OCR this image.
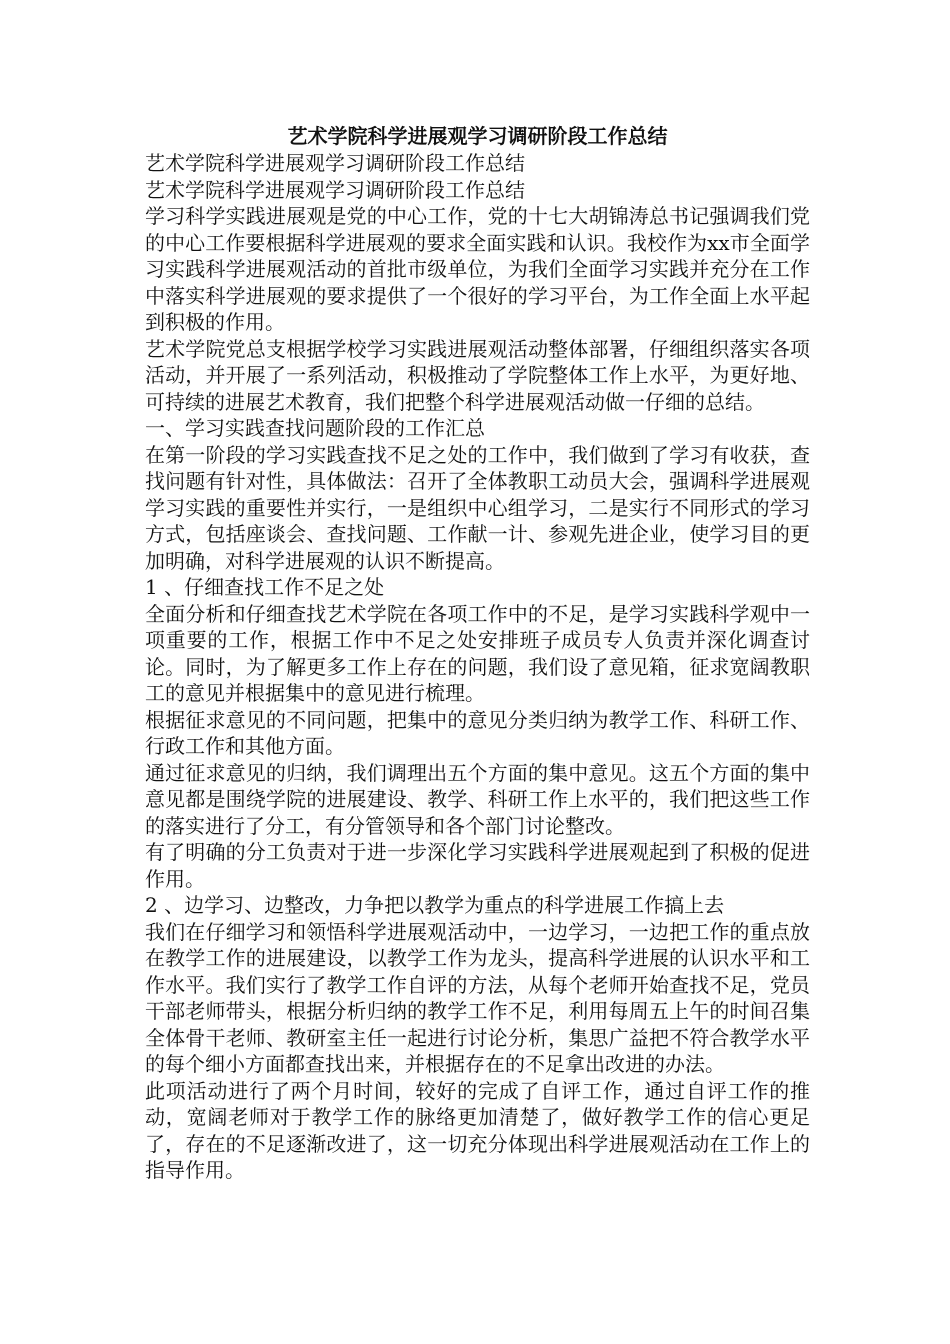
艺术学院科学进展观学习调研阶段工作总结

艺术学院科学进展观学习调研阶段工作总结

艺术学院科学进展观学习调研阶段工作总结

学习科学实践进展观是党的中心工作，党的十七大胡锦涛总书记强调我们党的中心工作要根据科学进展观的要求全面实践和认识。我校作为xx市全面学习实践科学进展观活动的首批市级单位，为我们全面学习实践并充分在工作中落实科学进展观的要求提供了一个很好的学习平台，为工作全面上水平起到积极的作用。

艺术学院党总支根据学校学习实践进展观活动整体部署，仔细组织落实各项活动，并开展了一系列活动，积极推动了学院整体工作上水平，为更好地、可持续的进展艺术教育，我们把整个科学进展观活动做一仔细的总结。

一、学习实践查找问题阶段的工作汇总

在第一阶段的学习实践查找不足之处的工作中，我们做到了学习有收获，查找问题有针对性，具体做法：召开了全体教职工动员大会，强调科学进展观学习实践的重要性并实行，一是组织中心组学习，二是实行不同形式的学习方式，包括座谈会、查找问题、工作献一计、参观先进企业，使学习目的更加明确，对科学进展观的认识不断提高。

1 、仔细查找工作不足之处

全面分析和仔细查找艺术学院在各项工作中的不足，是学习实践科学观中一项重要的工作，根据工作中不足之处安排班子成员专人负责并深化调查讨论。同时，为了解更多工作上存在的问题，我们设了意见箱，征求宽阔教职工的意见并根据集中的意见进行梳理。

根据征求意见的不同问题，把集中的意见分类归纳为教学工作、科研工作、行政工作和其他方面。

通过征求意见的归纳，我们调理出五个方面的集中意见。这五个方面的集中意见都是围绕学院的进展建设、教学、科研工作上水平的，我们把这些工作的落实进行了分工，有分管领导和各个部门讨论整改。

有了明确的分工负责对于进一步深化学习实践科学进展观起到了积极的促进作用。

2 、边学习、边整改，力争把以教学为重点的科学进展工作搞上去

我们在仔细学习和领悟科学进展观活动中，一边学习，一边把工作的重点放在教学工作的进展建设，以教学工作为龙头，提高科学进展的认识水平和工作水平。我们实行了教学工作自评的方法，从每个老师开始查找不足，党员干部老师带头，根据分析归纳的教学工作不足，利用每周五上午的时间召集全体骨干老师、教研室主任一起进行讨论分析，集思广益把不符合教学水平的每个细小方面都查找出来，并根据存在的不足拿出改进的办法。

此项活动进行了两个月时间，较好的完成了自评工作，通过自评工作的推动，宽阔老师对于教学工作的脉络更加清楚了，做好教学工作的信心更足了，存在的不足逐渐改进了，这一切充分体现出科学进展观活动在工作上的指导作用。
